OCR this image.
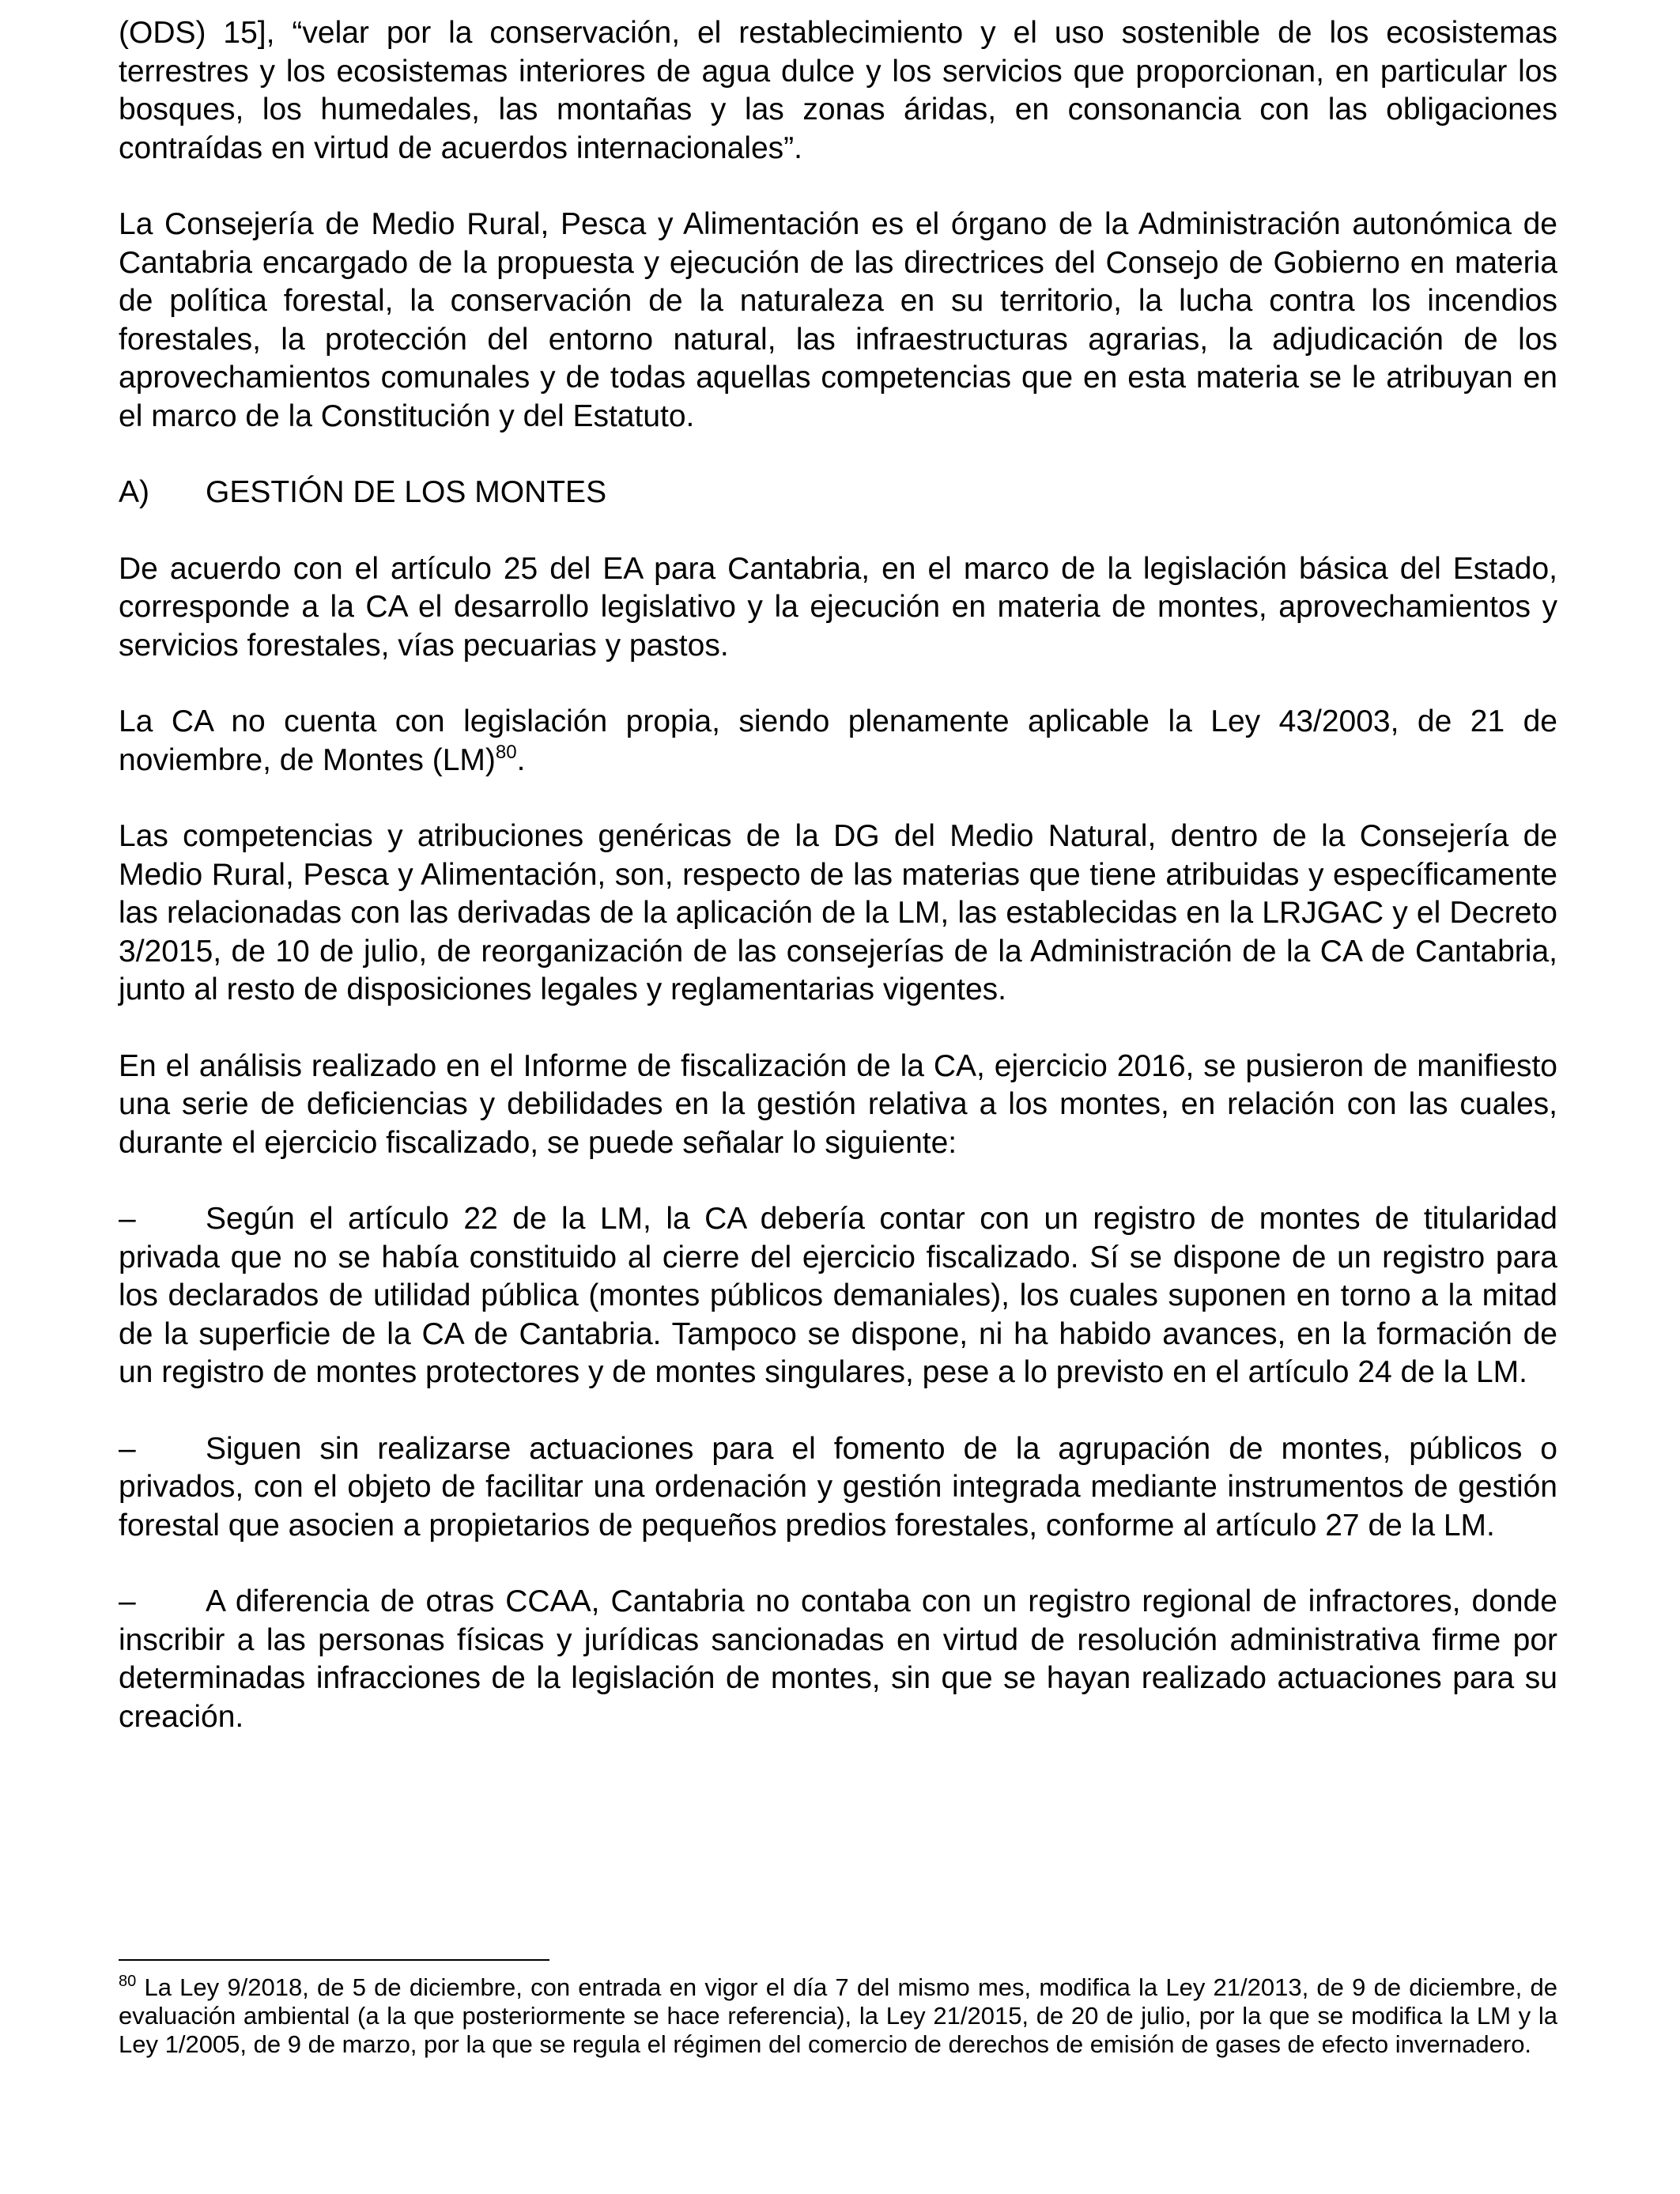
(ODS) 15], “velar por la conservación, el restablecimiento y el uso sostenible de los ecosistemas terrestres y los ecosistemas interiores de agua dulce y los servicios que proporcionan, en particular los bosques, los humedales, las montañas y las zonas áridas, en consonancia con las obligaciones contraídas en virtud de acuerdos internacionales”.

La Consejería de Medio Rural, Pesca y Alimentación es el órgano de la Administración autonómica de Cantabria encargado de la propuesta y ejecución de las directrices del Consejo de Gobierno en materia de política forestal, la conservación de la naturaleza en su territorio, la lucha contra los incendios forestales, la protección del entorno natural, las infraestructuras agrarias, la adjudicación de los aprovechamientos comunales y de todas aquellas competencias que en esta materia se le atribuyan en el marco de la Constitución y del Estatuto.

A) GESTIÓN DE LOS MONTES

De acuerdo con el artículo 25 del EA para Cantabria, en el marco de la legislación básica del Estado, corresponde a la CA el desarrollo legislativo y la ejecución en materia de montes, aprovechamientos y servicios forestales, vías pecuarias y pastos.

La CA no cuenta con legislación propia, siendo plenamente aplicable la Ley 43/2003, de 21 de noviembre, de Montes (LM)$^{80}$.

Las competencias y atribuciones genéricas de la DG del Medio Natural, dentro de la Consejería de Medio Rural, Pesca y Alimentación, son, respecto de las materias que tiene atribuidas y específicamente las relacionadas con las derivadas de la aplicación de la LM, las establecidas en la LRJGAC y el Decreto 3/2015, de 10 de julio, de reorganización de las consejerías de la Administración de la CA de Cantabria, junto al resto de disposiciones legales y reglamentarias vigentes.

En el análisis realizado en el Informe de fiscalización de la CA, ejercicio 2016, se pusieron de manifiesto una serie de deficiencias y debilidades en la gestión relativa a los montes, en relación con las cuales, durante el ejercicio fiscalizado, se puede señalar lo siguiente:

– Según el artículo 22 de la LM, la CA debería contar con un registro de montes de titularidad privada que no se había constituido al cierre del ejercicio fiscalizado. Sí se dispone de un registro para los declarados de utilidad pública (montes públicos demaniales), los cuales suponen en torno a la mitad de la superficie de la CA de Cantabria. Tampoco se dispone, ni ha habido avances, en la formación de un registro de montes protectores y de montes singulares, pese a lo previsto en el artículo 24 de la LM.

– Siguen sin realizarse actuaciones para el fomento de la agrupación de montes, públicos o privados, con el objeto de facilitar una ordenación y gestión integrada mediante instrumentos de gestión forestal que asocien a propietarios de pequeños predios forestales, conforme al artículo 27 de la LM.

– A diferencia de otras CCAA, Cantabria no contaba con un registro regional de infractores, donde inscribir a las personas físicas y jurídicas sancionadas en virtud de resolución administrativa firme por determinadas infracciones de la legislación de montes, sin que se hayan realizado actuaciones para su creación.

$^{80}$ La Ley 9/2018, de 5 de diciembre, con entrada en vigor el día 7 del mismo mes, modifica la Ley 21/2013, de 9 de diciembre, de evaluación ambiental (a la que posteriormente se hace referencia), la Ley 21/2015, de 20 de julio, por la que se modifica la LM y la Ley 1/2005, de 9 de marzo, por la que se regula el régimen del comercio de derechos de emisión de gases de efecto invernadero.
